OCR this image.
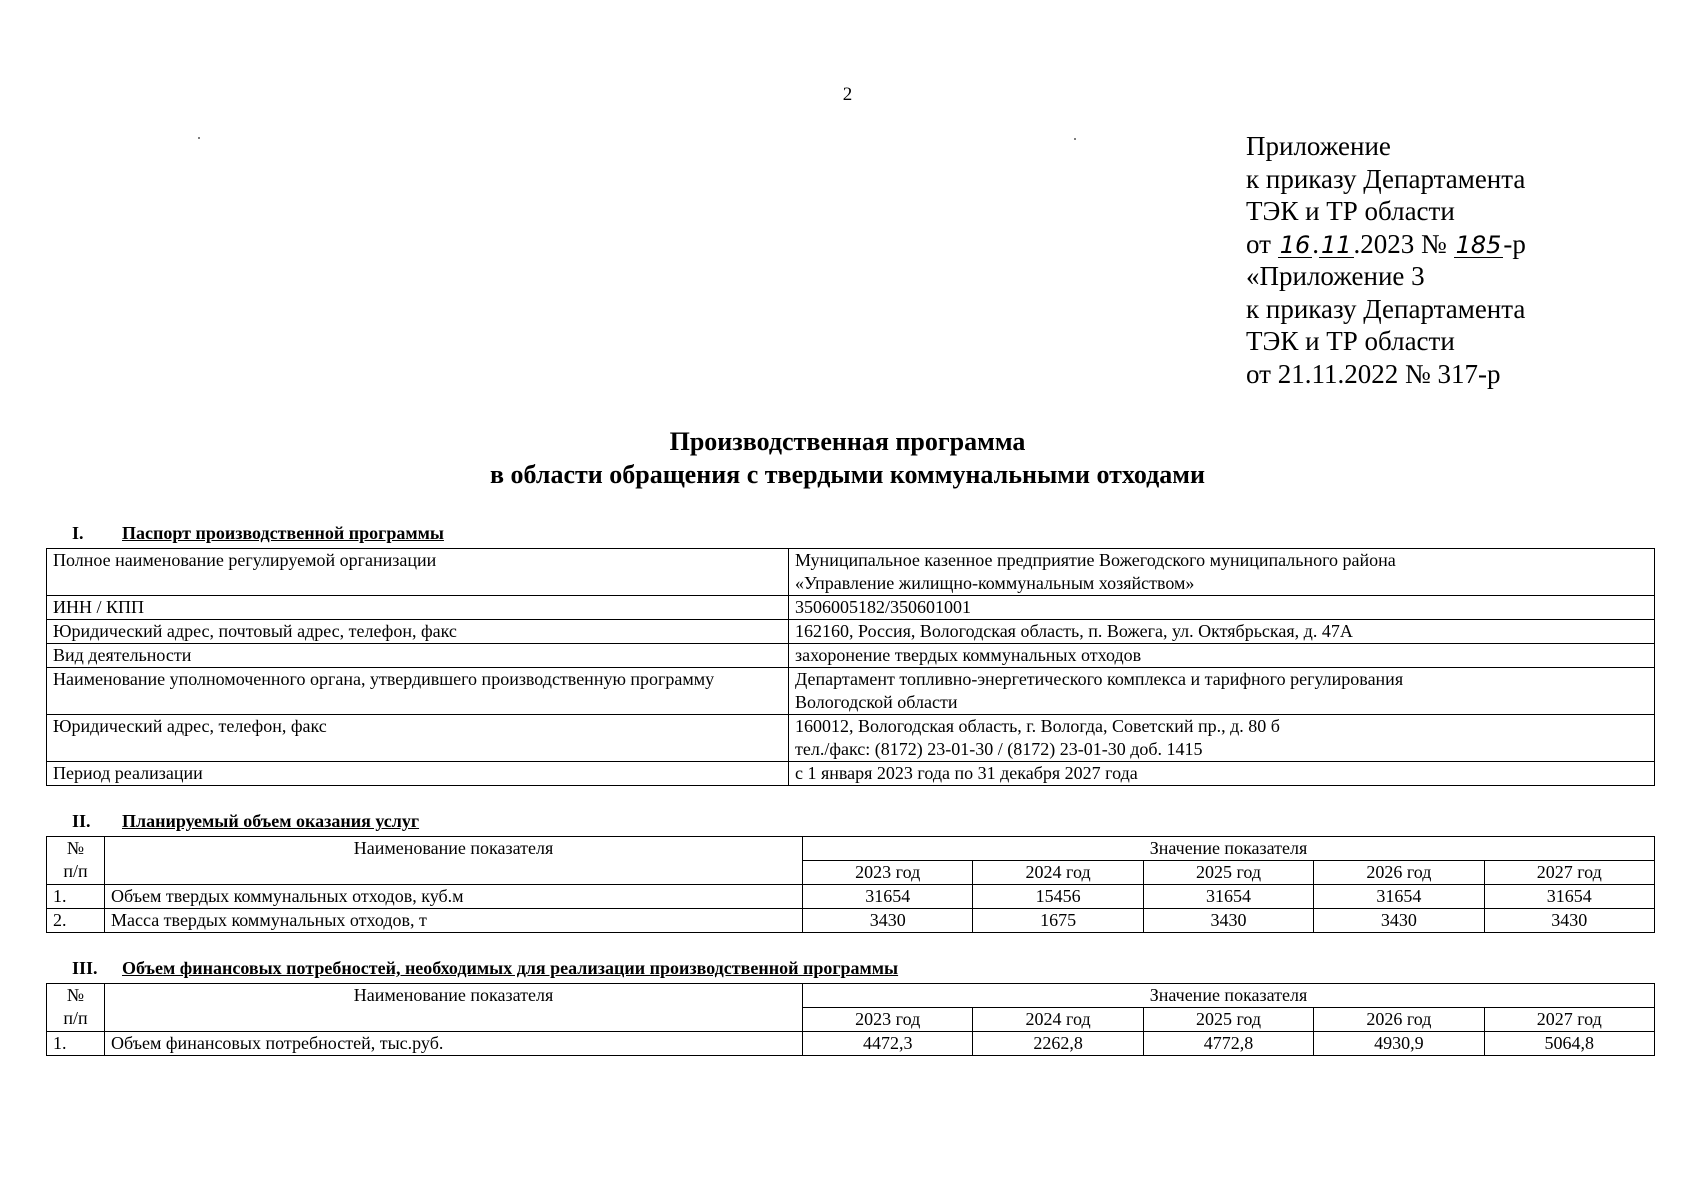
2
Приложение
к приказу Департамента
ТЭК и ТР области
от 16.11.2023 № 185-р
«Приложение 3
к приказу Департамента
ТЭК и ТР области
от 21.11.2022 № 317-р
Производственная программа
в области обращения с твердыми коммунальными отходами
I. Паспорт производственной программы
Полное наименование регулируемой организации	Муниципальное казенное предприятие Вожегодского муниципального района
«Управление жилищно-коммунальным хозяйством»

ИНН / КПП	3506005182/350601001
Юридический адрес, почтовый адрес, телефон, факс	162160, Россия, Вологодская область, п. Вожега, ул. Октябрьская, д. 47А
Вид деятельности	захоронение твердых коммунальных отходов
Наименование уполномоченного органа, утвердившего производственную программу	Департамент топливно-энергетического комплекса и тарифного регулирования
Вологодской области

Юридический адрес, телефон, факс	160012, Вологодская область, г. Вологда, Советский пр., д. 80 б
тел./факс: (8172) 23-01-30 / (8172) 23-01-30 доб. 1415

Период реализации	с 1 января 2023 года по 31 декабря 2027 года
II. Планируемый объем оказания услуг
№
п/п	Наименование показателя	Значение показателя				
		2023 год	2024 год	2025 год	2026 год	2027 год
1.	Объем твердых коммунальных отходов, куб.м	31654	15456	31654	31654	31654
2.	Масса твердых коммунальных отходов, т	3430	1675	3430	3430	3430
III. Объем финансовых потребностей, необходимых для реализации производственной программы
№
п/п	Наименование показателя	Значение показателя				
		2023 год	2024 год	2025 год	2026 год	2027 год
1.	Объем финансовых потребностей, тыс.руб.	4472,3	2262,8	4772,8	4930,9	5064,8
